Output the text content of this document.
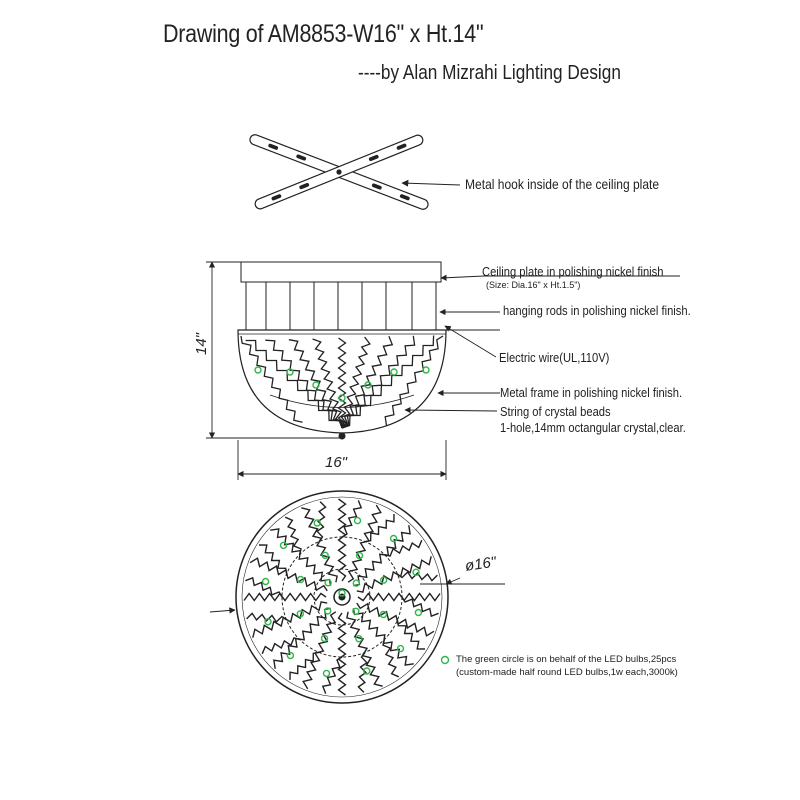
Drawing of AM8853-W16" x Ht.14"
----by Alan Mizrahi Lighting Design
Metal hook inside of the ceiling plate
Ceiling plate in polishing nickel finish
(Size: Dia.16" x Ht.1.5")
hanging rods in polishing nickel finish.
Electric wire(UL,110V)
Metal frame in polishing nickel finish.
String of crystal beads
1-hole,14mm octangular crystal,clear.
14"
16"
ø16"
The green circle is on behalf of the LED bulbs,25pcs
(custom-made half round LED bulbs,1w each,3000k)
